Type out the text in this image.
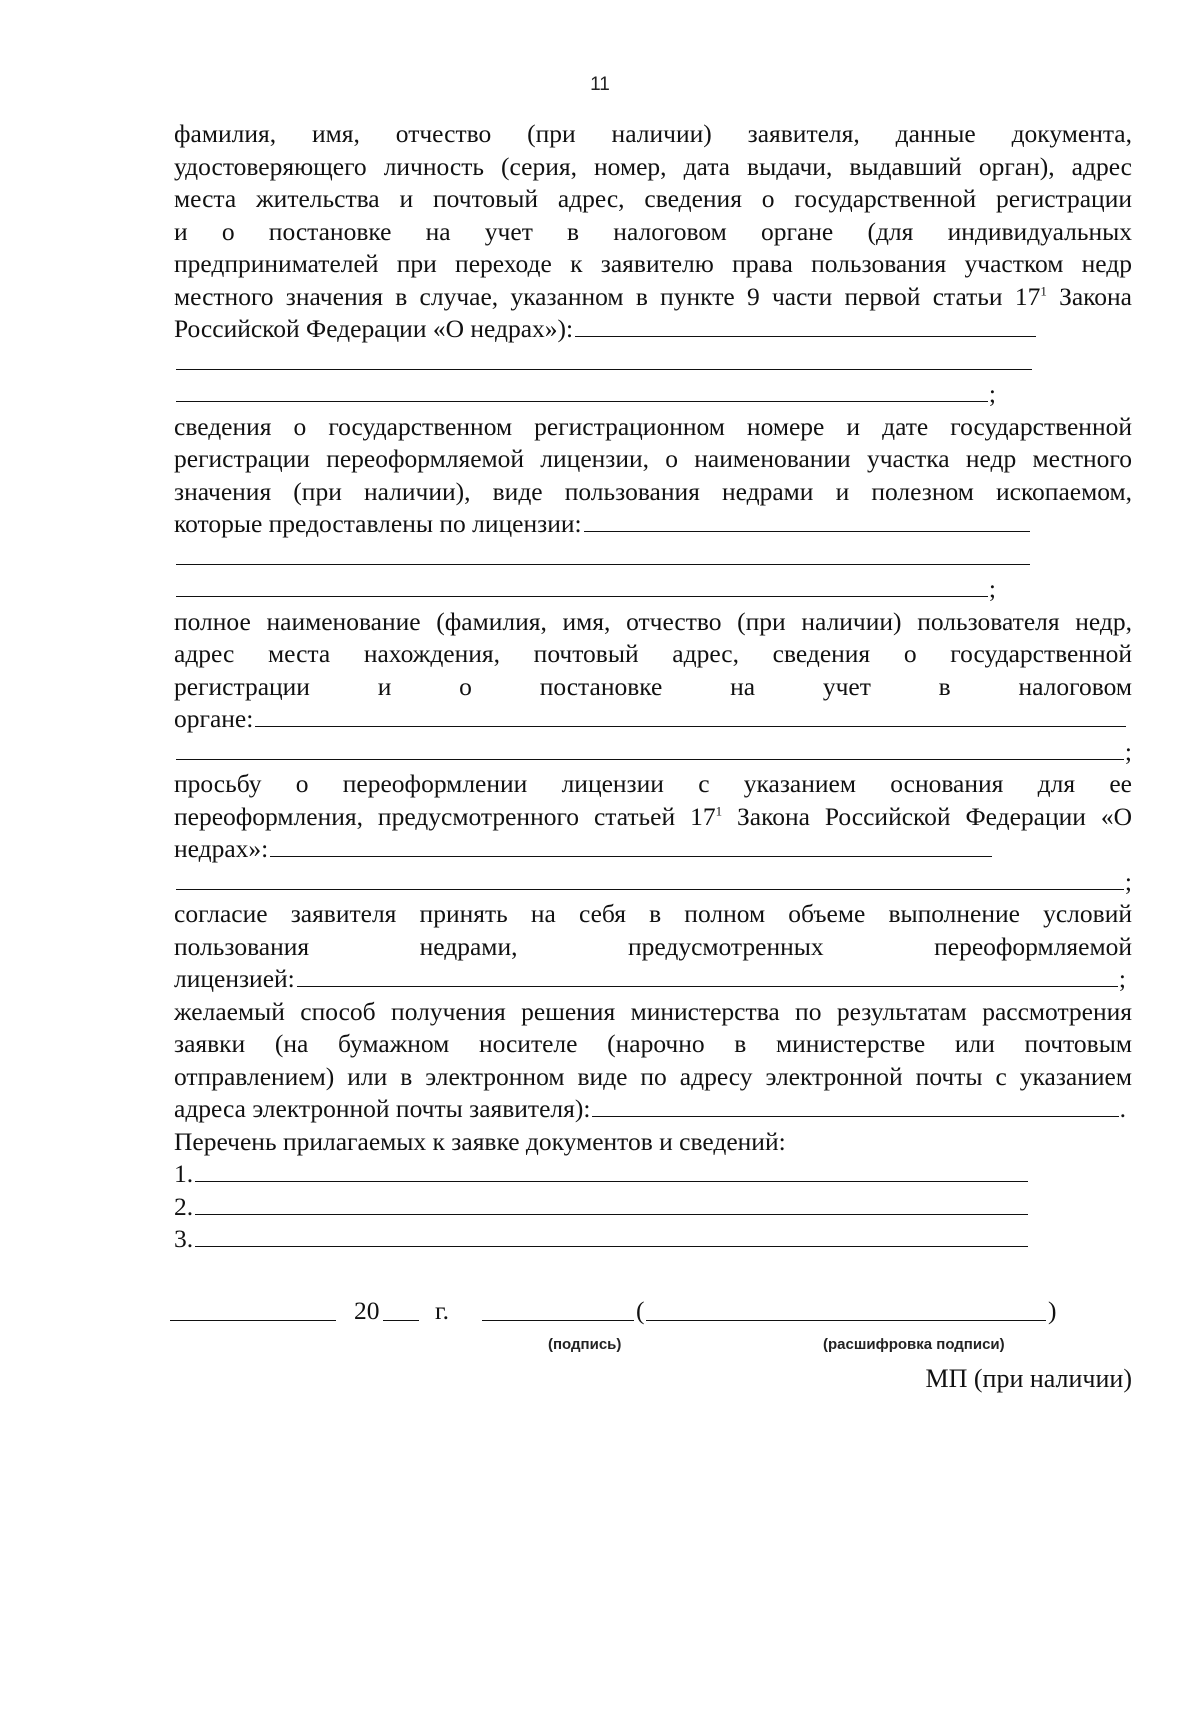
11
фамилия, имя, отчество (при наличии) заявителя, данные документа,
удостоверяющего личность (серия, номер, дата выдачи, выдавший орган), адрес
места жительства и почтовый адрес, сведения о государственной регистрации
и о постановке на учет в налоговом органе (для индивидуальных
предпринимателей при переходе к заявителю права пользования участком недр
местного значения в случае, указанном в пункте 9 части первой статьи $17^1$ Закона
Российской Федерации «О недрах»):
;
сведения о государственном регистрационном номере и дате государственной
регистрации переоформляемой лицензии, о наименовании участка недр местного
значения (при наличии), виде пользования недрами и полезном ископаемом,
которые предоставлены по лицензии:
;
полное наименование (фамилия, имя, отчество (при наличии) пользователя недр,
адрес места нахождения, почтовый адрес, сведения о государственной
регистрации и о постановке на учет в налоговом
органе:
;
просьбу о переоформлении лицензии с указанием основания для ее
переоформления, предусмотренного статьей $17^1$ Закона Российской Федерации «О
недрах»:
;
согласие заявителя принять на себя в полном объеме выполнение условий
пользования недрами, предусмотренных переоформляемой
лицензией:	;
желаемый способ получения решения министерства по результатам рассмотрения
заявки (на бумажном носителе (нарочно в министерстве или почтовым
отправлением) или в электронном виде по адресу электронной почты с указанием
адреса электронной почты заявителя):	.
Перечень прилагаемых к заявке документов и сведений:
1.
2.
3.
20 г.	(	)
(подпись)	(расшифровка подписи)
МП (при наличии)
